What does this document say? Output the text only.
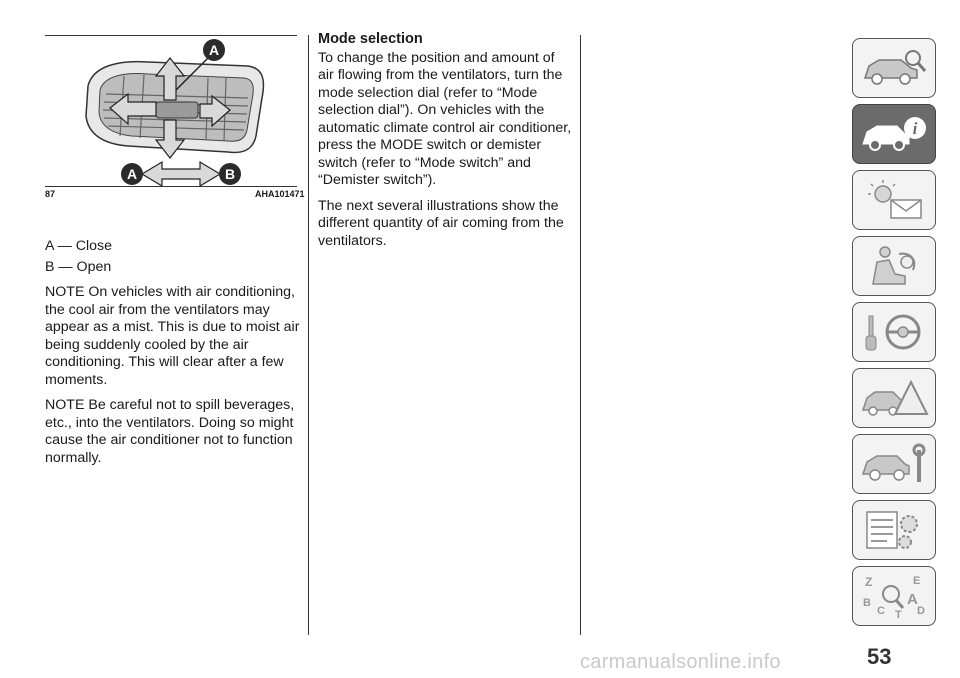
A
A	B
87	AHA101471

A — Close

B — Open

NOTE On vehicles with air conditioning, the cool air from the ventilators may appear as a mist. This is due to moist air being suddenly cooled by the air conditioning. This will clear after a few moments.

NOTE Be careful not to spill beverages, etc., into the ventilators. Doing so might cause the air conditioner not to function normally.

Mode selection

To change the position and amount of air flowing from the ventilators, turn the mode selection dial (refer to “Mode selection dial”). On vehicles with the automatic climate control air conditioner, press the MODE switch or demister switch (refer to “Mode switch” and “Demister switch”).

The next several illustrations show the different quantity of air coming from the ventilators.

i
Z	E
B A
C	D
T
53
carmanualsonline.info
